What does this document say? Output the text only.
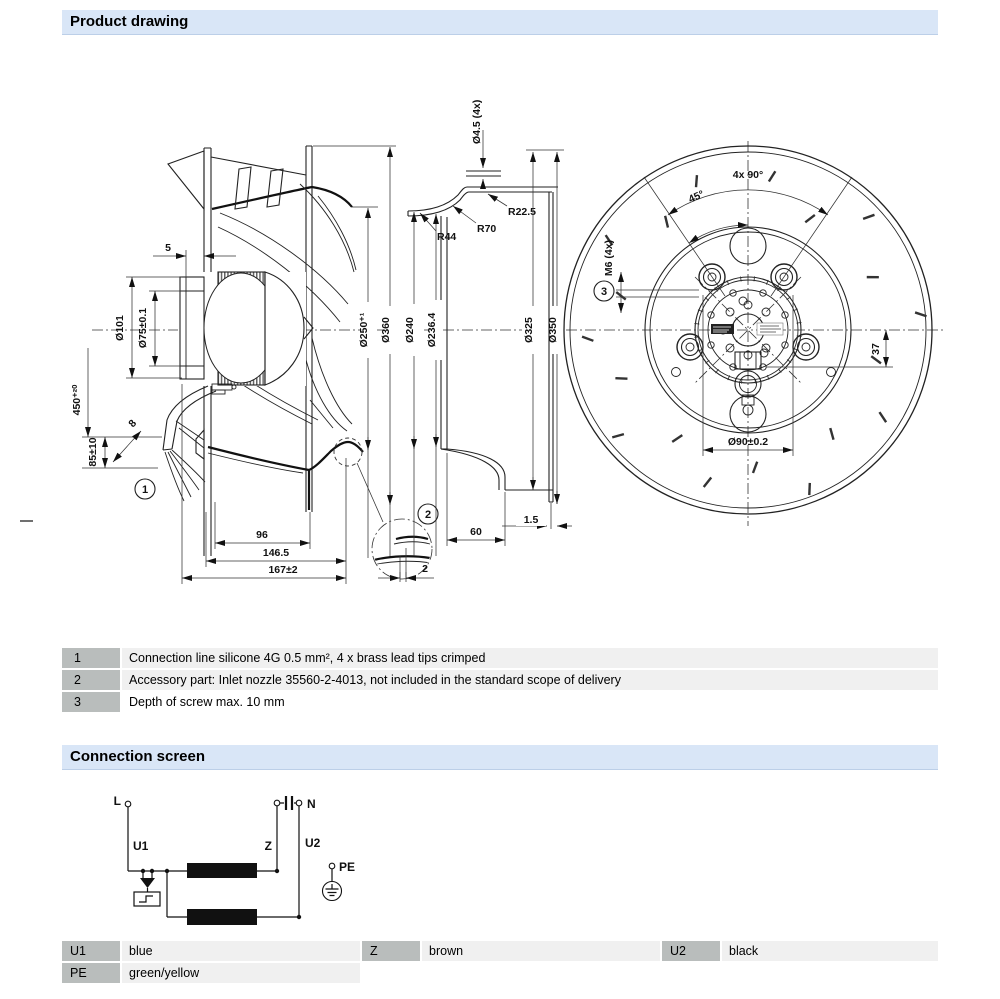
Product drawing
5
Ø101 Ø75±0.1
450⁺²⁰
85±10
8
1
96
146.5
167±2
Ø250⁺¹ Ø360
Ø4.5 (4x)
R44
R70
R22.5
1.5
60
2
2
Ø240 Ø236.4	Ø325 Ø350
4x 90°
45°
M6 (4x)
3
37
Ø90±0.2
1	Connection line silicone 4G 0.5 mm², 4 x brass lead tips crimped
2	Accessory part: Inlet nozzle 35560-2-4013, not included in the standard scope of delivery
3	Depth of screw max. 10 mm
Connection screen
L	N
U1	Z	U2
PE
U1	blue	Z	brown	U2	black
PE	green/yellow
